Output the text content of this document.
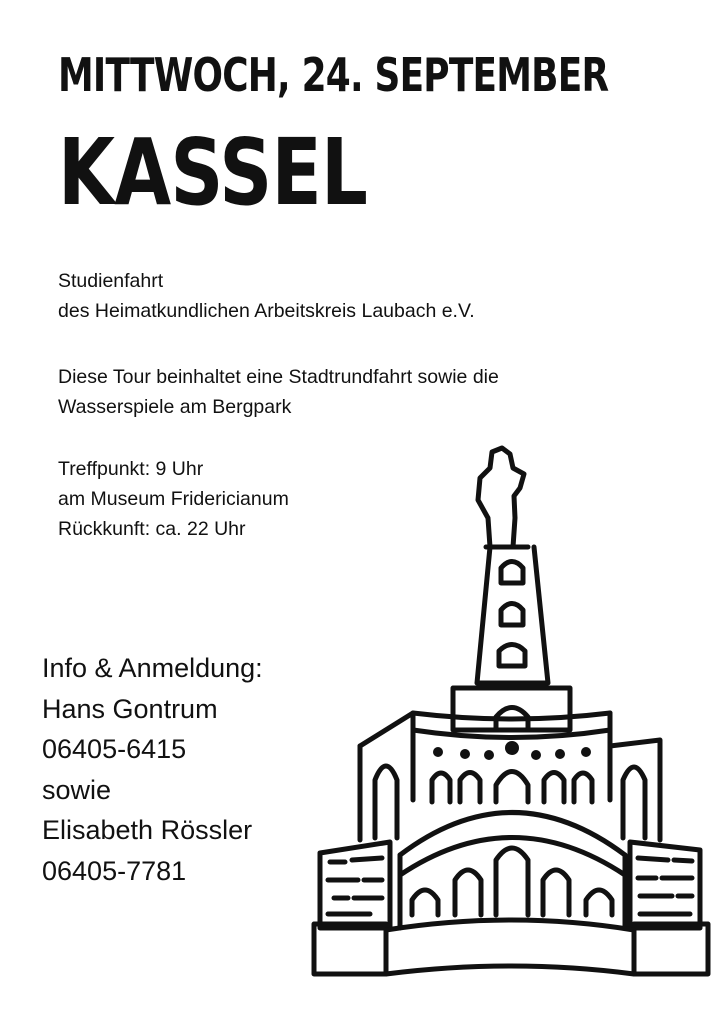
MITTWOCH, 24. SEPTEMBER
KASSEL

Studienfahrt

des Heimatkundlichen Arbeitskreis Laubach e.V.

Diese Tour beinhaltet eine Stadtrundfahrt sowie die

Wasserspiele am Bergpark

Treffpunkt: 9 Uhr

am Museum Fridericianum

Rückkunft: ca. 22 Uhr

Info & Anmeldung:

Hans Gontrum

06405-6415

sowie

Elisabeth Rössler

06405-7781
